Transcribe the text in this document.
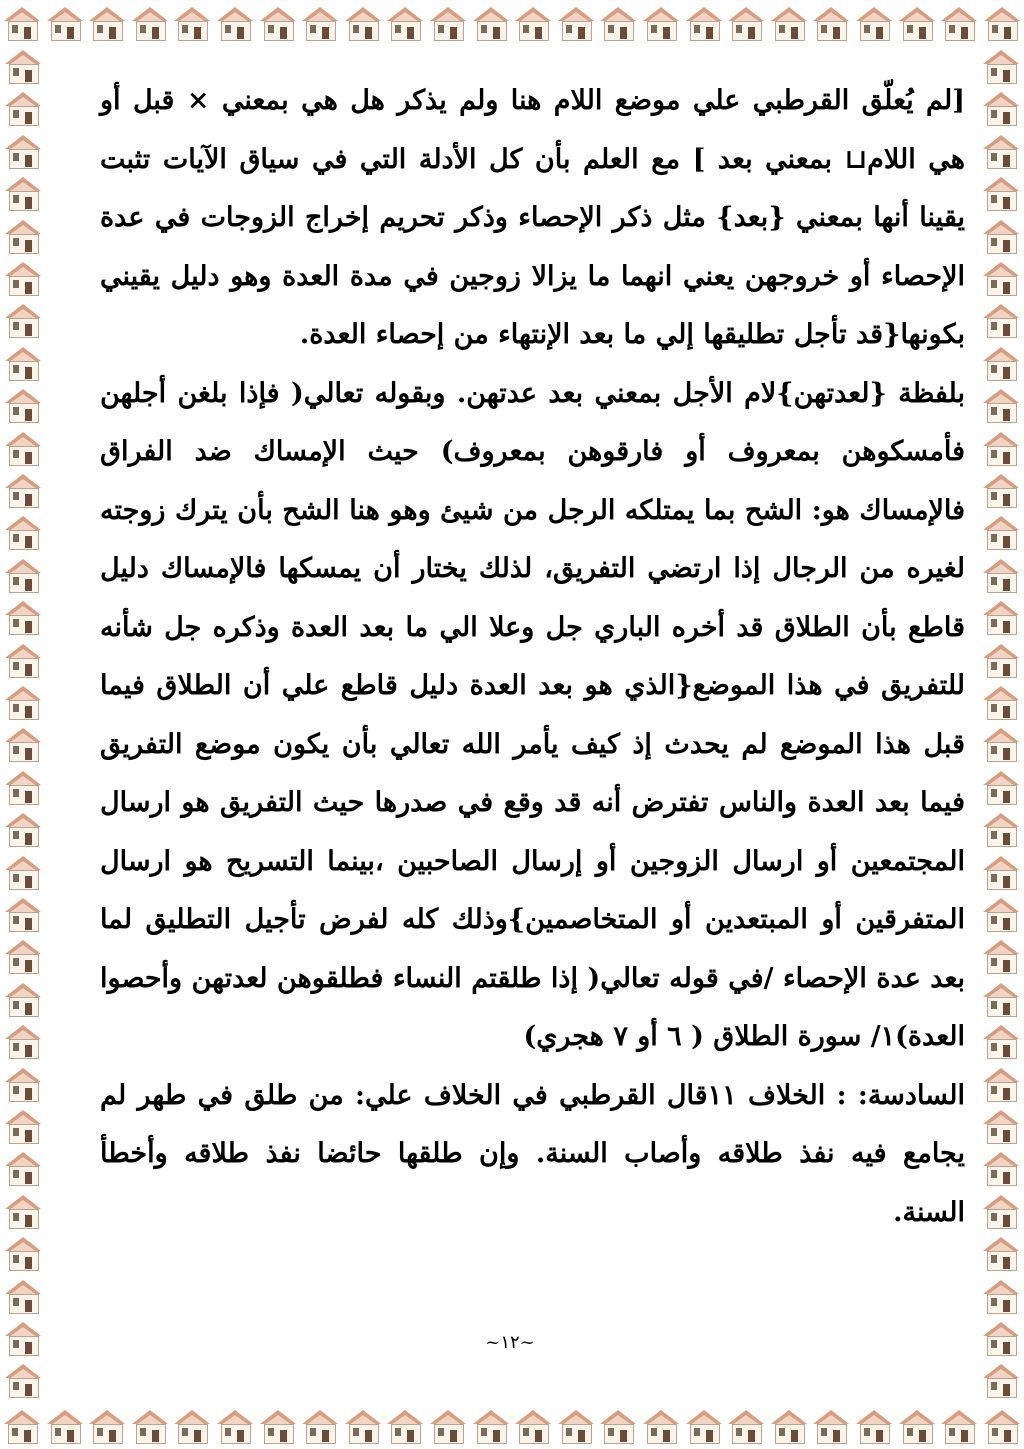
[لم يُعلّق القرطبي علي موضع اللام هنا ولم يذكر هل هي بمعني × قبل أو هي اللام⊔ بمعني بعد ] مع العلم بأن كل الأدلة التي في سياق الآيات تثبت يقينا أنها بمعني {بعد} مثل ذكر الإحصاء وذكر تحريم إخراج الزوجات في عدة الإحصاء أو خروجهن يعني انهما ما يزالا زوجين في مدة العدة وهو دليل يقيني بكونها{قد تأجل تطليقها إلي ما بعد الإنتهاء من إحصاء العدة.

بلفظة {لعدتهن}لام الأجل بمعني بعد عدتهن. وبقوله تعالي( فإذا بلغن أجلهن فأمسكوهن بمعروف أو فارقوهن بمعروف) حيث الإمساك ضد الفراق فالإمساك هو: الشح بما يمتلكه الرجل من شيئ وهو هنا الشح بأن يترك زوجته لغيره من الرجال إذا ارتضي التفريق، لذلك يختار أن يمسكها فالإمساك دليل قاطع بأن الطلاق قد أخره الباري جل وعلا الي ما بعد العدة وذكره جل شأنه للتفريق في هذا الموضع{الذي هو بعد العدة دليل قاطع علي أن الطلاق فيما قبل هذا الموضع لم يحدث إذ كيف يأمر الله تعالي بأن يكون موضع التفريق فيما بعد العدة والناس تفترض أنه قد وقع في صدرها حيث التفريق هو ارسال المجتمعين أو ارسال الزوجين أو إرسال الصاحبين ،بينما التسريح هو ارسال المتفرقين أو المبتعدين أو المتخاصمين}وذلك كله لفرض تأجيل التطليق لما بعد عدة الإحصاء /في قوله تعالي( إذا طلقتم النساء فطلقوهن لعدتهن وأحصوا العدة)١/ سورة الطلاق ( ٦ أو ٧ هجري)

السادسة: : الخلاف ١١قال القرطبي في الخلاف علي: من طلق في طهر لم يجامع فيه نفذ طلاقه وأصاب السنة. وإن طلقها حائضا نفذ طلاقه وأخطأ السنة.

~١٢~
